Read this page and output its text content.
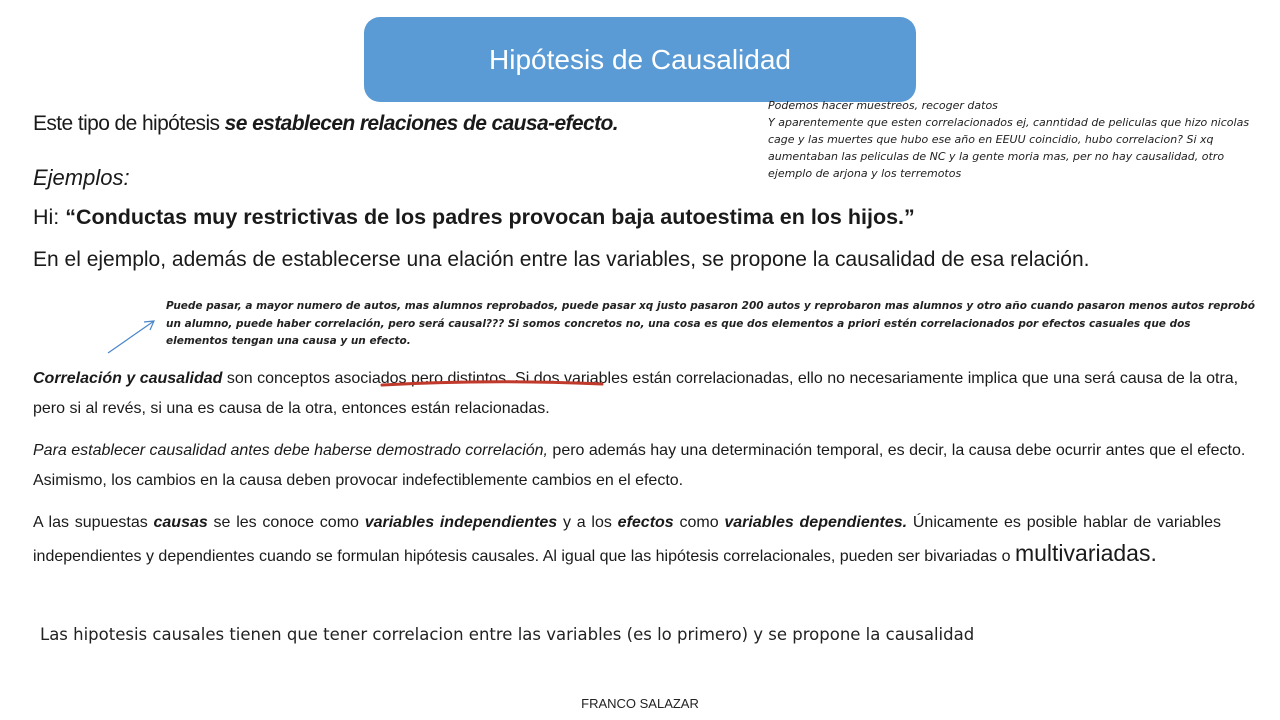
Hipótesis de Causalidad
Podemos hacer muestreos, recoger datos
Y aparentemente que esten correlacionados ej, canntidad de peliculas que hizo nicolas cage y las muertes que hubo ese año en EEUU coincidio, hubo correlacion? Si xq aumentaban las peliculas de NC y la gente moria mas, per no hay causalidad, otro ejemplo de arjona y los terremotos
Este tipo de hipótesis se establecen relaciones de causa-efecto.
Ejemplos:
Hi: “Conductas muy restrictivas de los padres provocan baja autoestima en los hijos.”
En el ejemplo, además de establecerse una elación entre las variables, se propone la causalidad de esa relación.
Puede pasar, a mayor numero de autos, mas alumnos reprobados, puede pasar xq justo pasaron 200 autos y reprobaron mas alumnos y otro año cuando pasaron menos autos reprobó un alumno, puede haber correlación, pero será causal??? Si somos concretos no, una cosa es que dos elementos a priori estén correlacionados por efectos casuales que dos elementos tengan una causa y un efecto.
Correlación y causalidad son conceptos asociados pero distintos. Si dos variables están correlacionadas, ello no necesariamente implica que una será causa de la otra, pero si al revés, si una es causa de la otra, entonces están relacionadas.
Para establecer causalidad antes debe haberse demostrado correlación, pero además hay una determinación temporal, es decir, la causa debe ocurrir antes que el efecto. Asimismo, los cambios en la causa deben provocar indefectiblemente cambios en el efecto.
A las supuestas causas se les conoce como variables independientes y a los efectos como variables dependientes. Únicamente es posible hablar de variables independientes y dependientes cuando se formulan hipótesis causales. Al igual que las hipótesis correlacionales, pueden ser bivariadas o multivariadas.
Las hipotesis causales tienen que tener correlacion entre las variables (es lo primero) y se propone la causalidad
FRANCO SALAZAR
